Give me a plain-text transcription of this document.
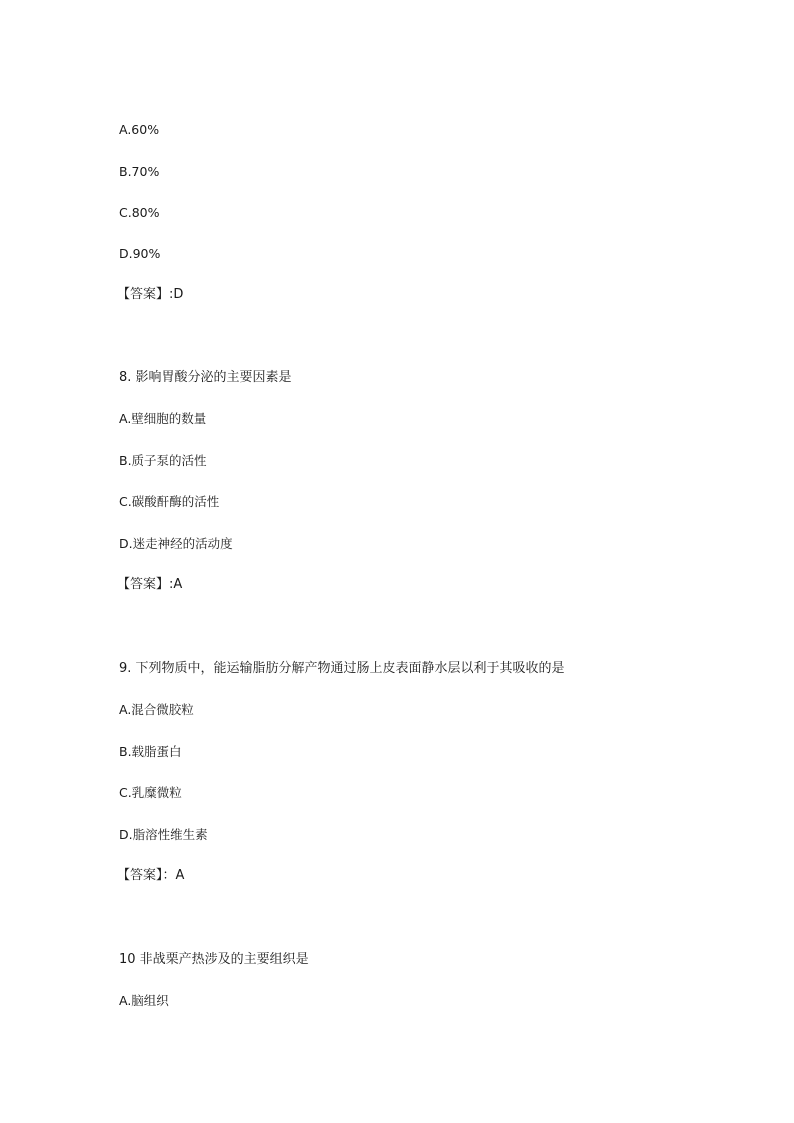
A.60%
B.70%
C.80%
D.90%
【答案】:D
8. 影响胃酸分泌的主要因素是
A.壁细胞的数量
B.质子泵的活性
C.碳酸酐酶的活性
D.迷走神经的活动度
【答案】:A
9. 下列物质中，能运输脂肪分解产物通过肠上皮表面静水层以利于其吸收的是
A.混合微胶粒
B.载脂蛋白
C.乳糜微粒
D.脂溶性维生素
【答案】：A
10 非战栗产热涉及的主要组织是
A.脑组织
